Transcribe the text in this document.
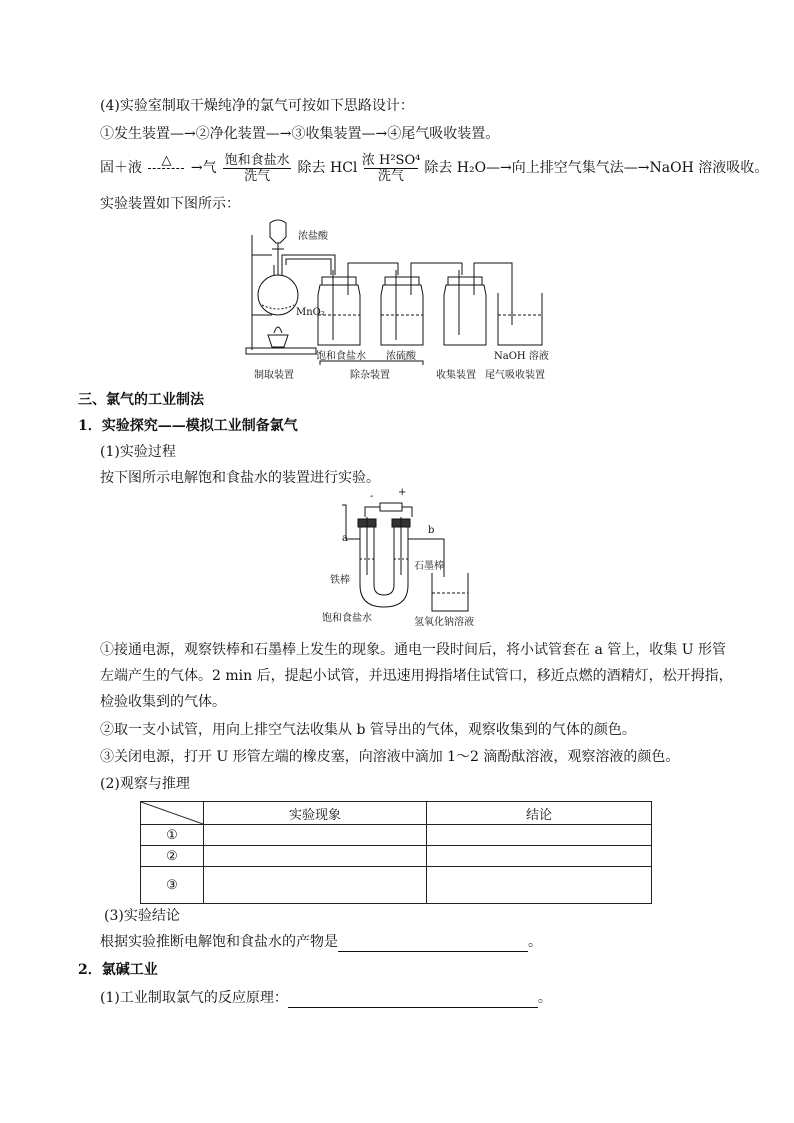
(4)实验室制取干燥纯净的氯气可按如下思路设计：
①发生装置—→②净化装置—→③收集装置—→④尾气吸收装置。
固＋液	△
	→气 $\frac{\text{饱和食盐水}}{\text{洗气}}$ 除去 HCl $\frac{\text{浓 H²SO⁴}}{\text{洗气}}$ 除去 H₂O—→向上排空气集气法—→NaOH 溶液吸收。
实验装置如下图所示：
浓盐酸
MnO₂
饱和食盐水 浓硫酸	NaOH 溶液
制取装置	除杂装置	收集装置 尾气吸收装置
三、氯气的工业制法
1．实验探究——模拟工业制备氯气
(1)实验过程
按下图所示电解饱和食盐水的装置进行实验。
- +
a
b
铁棒
石墨棒
饱和食盐水	氢氧化钠溶液
①接通电源，观察铁棒和石墨棒上发生的现象。通电一段时间后，将小试管套在 a 管上，收集 U 形管
左端产生的气体。2 min 后，提起小试管，并迅速用拇指堵住试管口，移近点燃的酒精灯，松开拇指，
检验收集到的气体。
②取一支小试管，用向上排空气法收集从 b 管导出的气体，观察收集到的气体的颜色。
③关闭电源，打开 U 形管左端的橡皮塞，向溶液中滴加 1～2 滴酚酞溶液，观察溶液的颜色。
(2)观察与推理
	实验现象	结论
①		
②		
③		
(3)实验结论
根据实验推断电解饱和食盐水的产物是	。
2．氯碱工业
(1)工业制取氯气的反应原理：	。
